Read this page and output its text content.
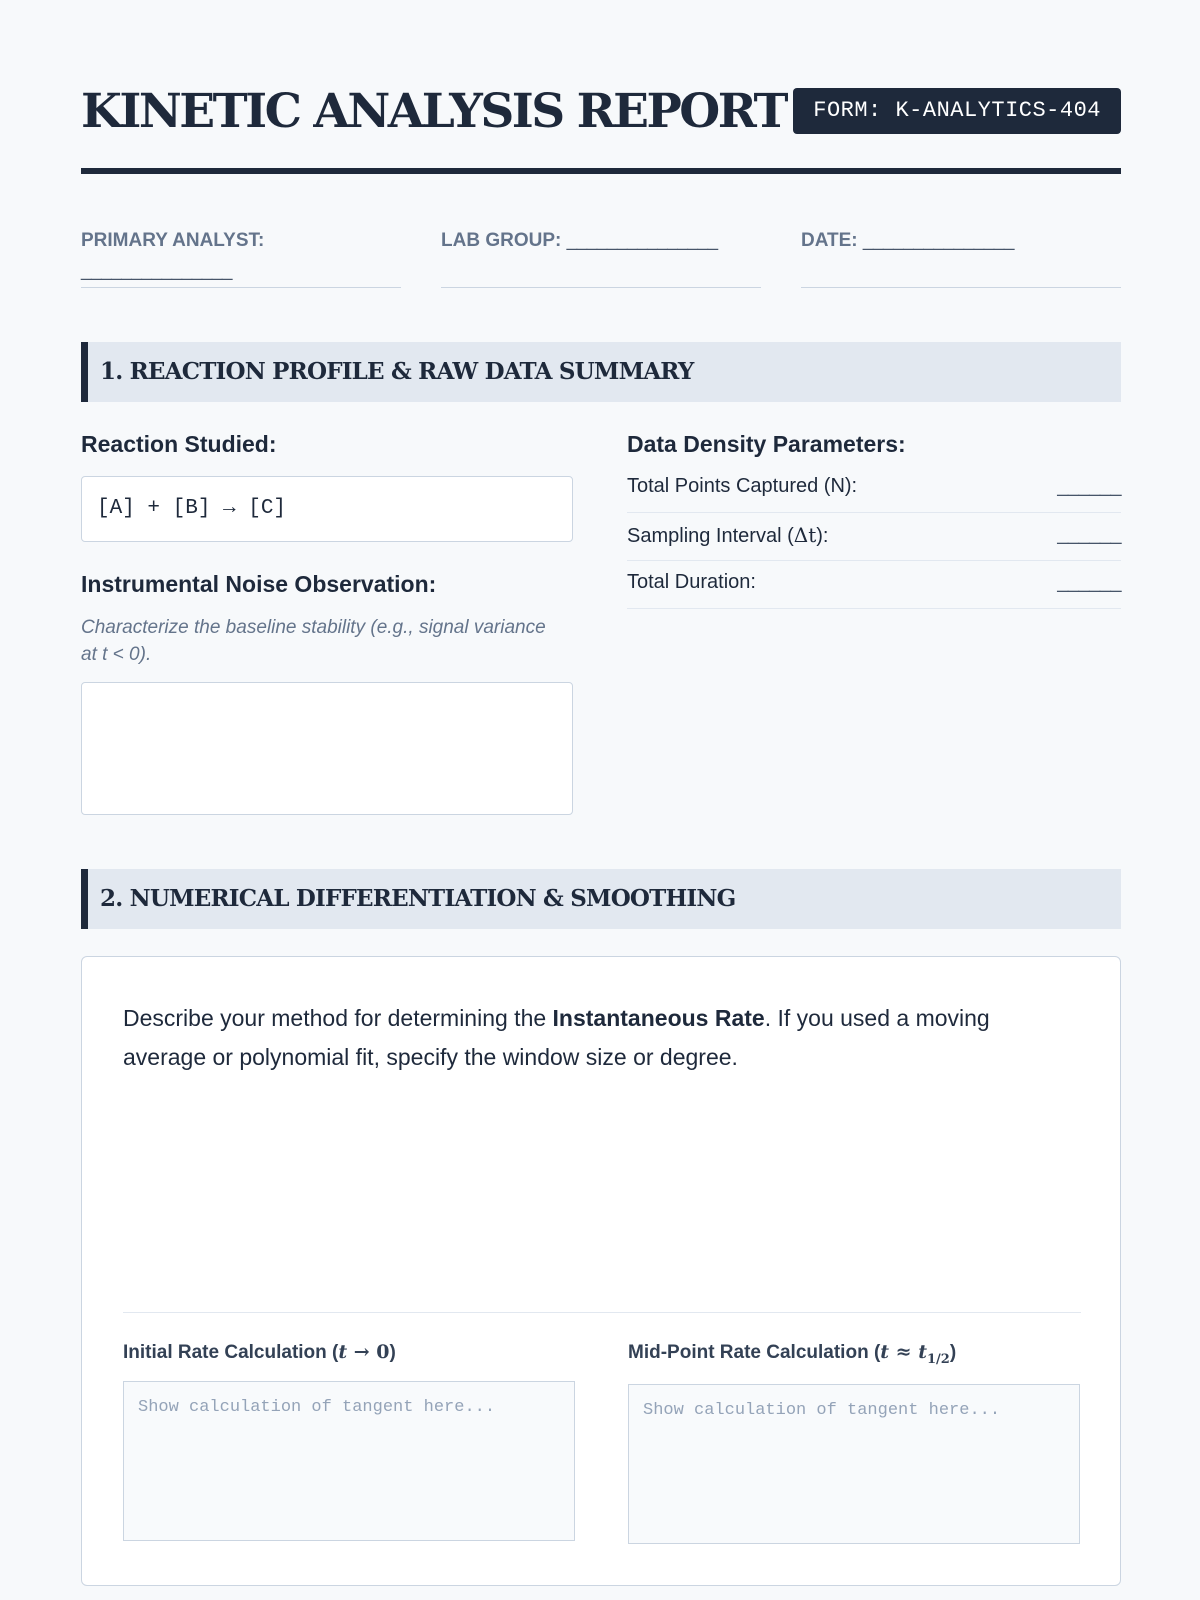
KINETIC ANALYSIS REPORT	FORM: K-ANALYTICS-404
PRIMARY ANALYST:
_______________
LAB GROUP: _______________	DATE: _______________
1. REACTION PROFILE & RAW DATA SUMMARY
Reaction Studied:
[A] + [B] → [C]
Instrumental Noise Observation:
Characterize the baseline stability (e.g., signal variance at t < 0).
Data Density Parameters:
Total Points Captured (N):	______
Sampling Interval (Δt):	______
Total Duration:	______
2. NUMERICAL DIFFERENTIATION & SMOOTHING

Describe your method for determining the Instantaneous Rate. If you used a moving average or polynomial fit, specify the window size or degree.

Initial Rate Calculation (t → 0)
Show calculation of tangent here...
Mid-Point Rate Calculation $(t \approx t_{1/2})$
Show calculation of tangent here...
